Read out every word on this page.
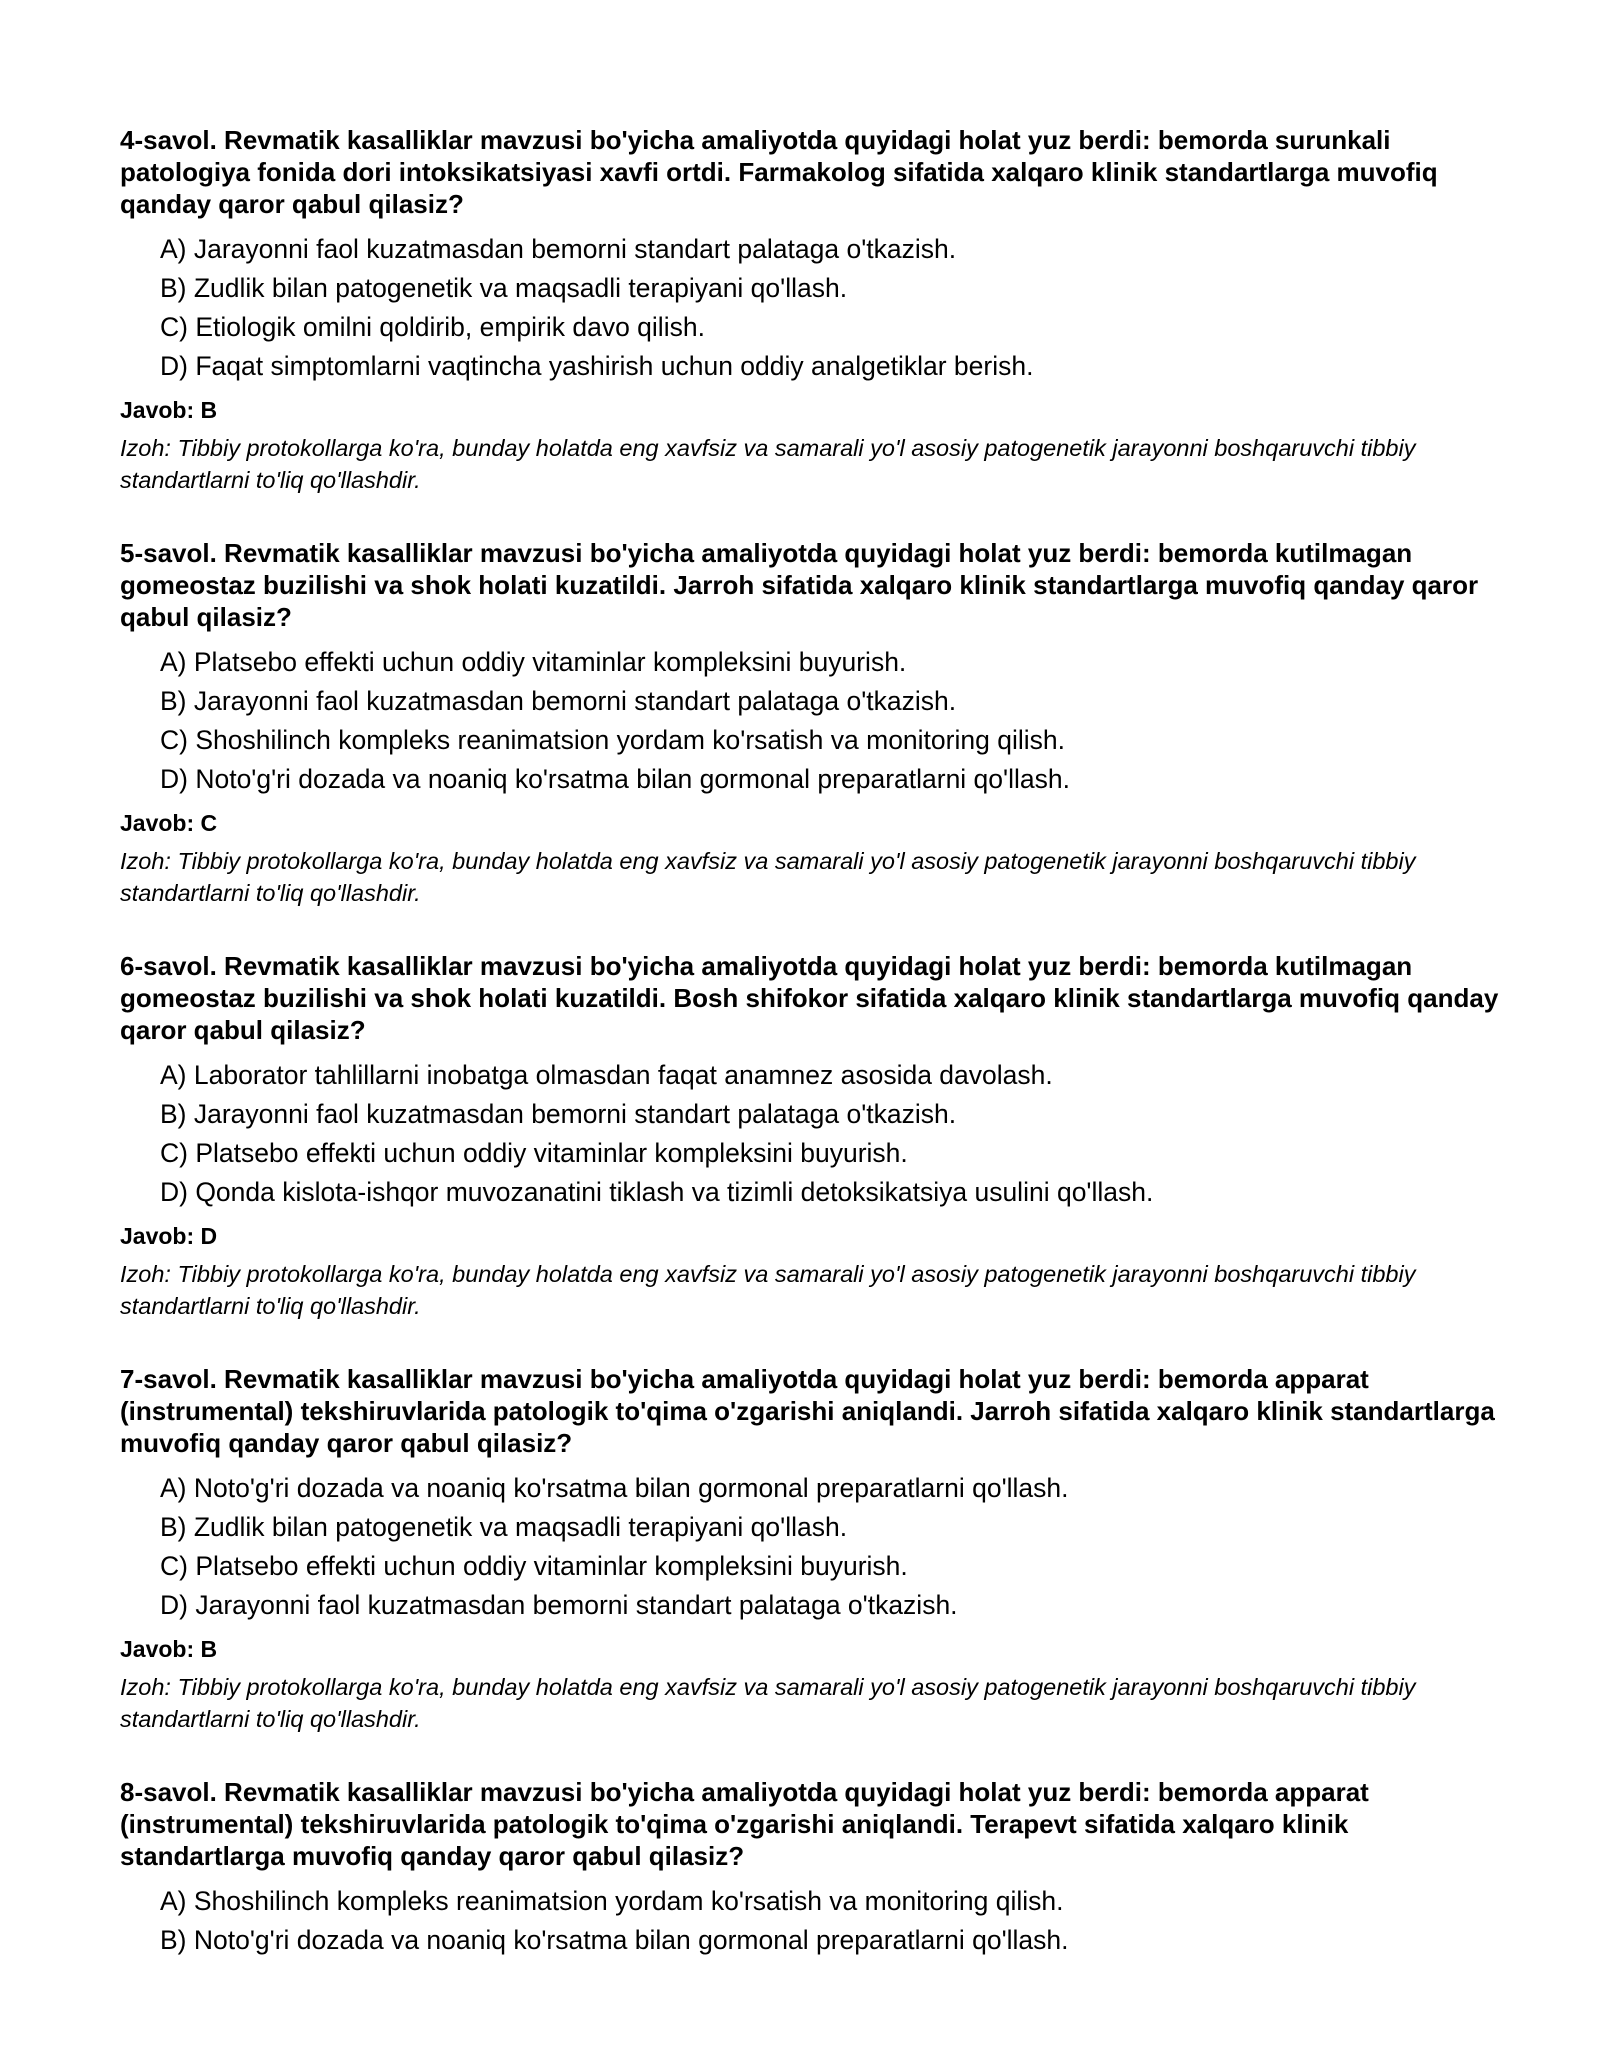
4-savol. Revmatik kasalliklar mavzusi bo'yicha amaliyotda quyidagi holat yuz berdi: bemorda surunkali patologiya fonida dori intoksikatsiyasi xavfi ortdi. Farmakolog sifatida xalqaro klinik standartlarga muvofiq qanday qaror qabul qilasiz?

A) Jarayonni faol kuzatmasdan bemorni standart palataga o'tkazish.
B) Zudlik bilan patogenetik va maqsadli terapiyani qo'llash.
C) Etiologik omilni qoldirib, empirik davo qilish.
D) Faqat simptomlarni vaqtincha yashirish uchun oddiy analgetiklar berish.

Javob: B

Izoh: Tibbiy protokollarga ko'ra, bunday holatda eng xavfsiz va samarali yo'l asosiy patogenetik jarayonni boshqaruvchi tibbiy standartlarni to'liq qo'llashdir.

5-savol. Revmatik kasalliklar mavzusi bo'yicha amaliyotda quyidagi holat yuz berdi: bemorda kutilmagan gomeostaz buzilishi va shok holati kuzatildi. Jarroh sifatida xalqaro klinik standartlarga muvofiq qanday qaror qabul qilasiz?

A) Platsebo effekti uchun oddiy vitaminlar kompleksini buyurish.
B) Jarayonni faol kuzatmasdan bemorni standart palataga o'tkazish.
C) Shoshilinch kompleks reanimatsion yordam ko'rsatish va monitoring qilish.
D) Noto'g'ri dozada va noaniq ko'rsatma bilan gormonal preparatlarni qo'llash.

Javob: C

Izoh: Tibbiy protokollarga ko'ra, bunday holatda eng xavfsiz va samarali yo'l asosiy patogenetik jarayonni boshqaruvchi tibbiy standartlarni to'liq qo'llashdir.

6-savol. Revmatik kasalliklar mavzusi bo'yicha amaliyotda quyidagi holat yuz berdi: bemorda kutilmagan gomeostaz buzilishi va shok holati kuzatildi. Bosh shifokor sifatida xalqaro klinik standartlarga muvofiq qanday qaror qabul qilasiz?

A) Laborator tahlillarni inobatga olmasdan faqat anamnez asosida davolash.
B) Jarayonni faol kuzatmasdan bemorni standart palataga o'tkazish.
C) Platsebo effekti uchun oddiy vitaminlar kompleksini buyurish.
D) Qonda kislota-ishqor muvozanatini tiklash va tizimli detoksikatsiya usulini qo'llash.

Javob: D

Izoh: Tibbiy protokollarga ko'ra, bunday holatda eng xavfsiz va samarali yo'l asosiy patogenetik jarayonni boshqaruvchi tibbiy standartlarni to'liq qo'llashdir.

7-savol. Revmatik kasalliklar mavzusi bo'yicha amaliyotda quyidagi holat yuz berdi: bemorda apparat (instrumental) tekshiruvlarida patologik to'qima o'zgarishi aniqlandi. Jarroh sifatida xalqaro klinik standartlarga muvofiq qanday qaror qabul qilasiz?

A) Noto'g'ri dozada va noaniq ko'rsatma bilan gormonal preparatlarni qo'llash.
B) Zudlik bilan patogenetik va maqsadli terapiyani qo'llash.
C) Platsebo effekti uchun oddiy vitaminlar kompleksini buyurish.
D) Jarayonni faol kuzatmasdan bemorni standart palataga o'tkazish.

Javob: B

Izoh: Tibbiy protokollarga ko'ra, bunday holatda eng xavfsiz va samarali yo'l asosiy patogenetik jarayonni boshqaruvchi tibbiy standartlarni to'liq qo'llashdir.

8-savol. Revmatik kasalliklar mavzusi bo'yicha amaliyotda quyidagi holat yuz berdi: bemorda apparat (instrumental) tekshiruvlarida patologik to'qima o'zgarishi aniqlandi. Terapevt sifatida xalqaro klinik standartlarga muvofiq qanday qaror qabul qilasiz?

A) Shoshilinch kompleks reanimatsion yordam ko'rsatish va monitoring qilish.
B) Noto'g'ri dozada va noaniq ko'rsatma bilan gormonal preparatlarni qo'llash.
